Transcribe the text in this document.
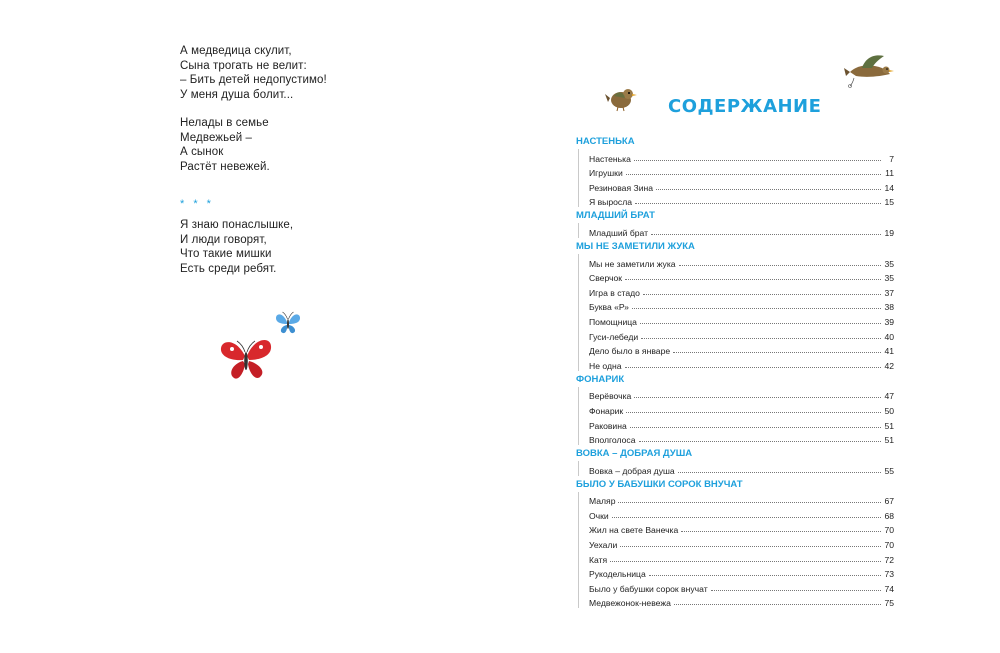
А медведица скулит,
Сына трогать не велит:
– Бить детей недопустимо!
У меня душа болит...
Нелады в семье
Медвежьей –
А сынок
Растёт невежей.
* * *
Я знаю понаслышке,
И люди говорят,
Что такие мишки
Есть среди ребят.
СОДЕРЖАНИЕ
НАСТЕНЬКА
Настенька	7
Игрушки	11
Резиновая Зина	14
Я выросла	15
МЛАДШИЙ БРАТ
Младший брат	19
МЫ НЕ ЗАМЕТИЛИ ЖУКА
Мы не заметили жука	35
Сверчок	35
Игра в стадо	37
Буква «Р»	38
Помощница	39
Гуси-лебеди	40
Дело было в январе	41
Не одна	42
ФОНАРИК
Верёвочка	47
Фонарик	50
Раковина	51
Вполголоса	51
ВОВКА – ДОБРАЯ ДУША
Вовка – добрая душа	55
БЫЛО У БАБУШКИ СОРОК ВНУЧАТ
Маляр	67
Очки	68
Жил на свете Ванечка	70
Уехали	70
Катя	72
Рукодельница	73
Было у бабушки сорок внучат	74
Медвежонок-невежа	75
